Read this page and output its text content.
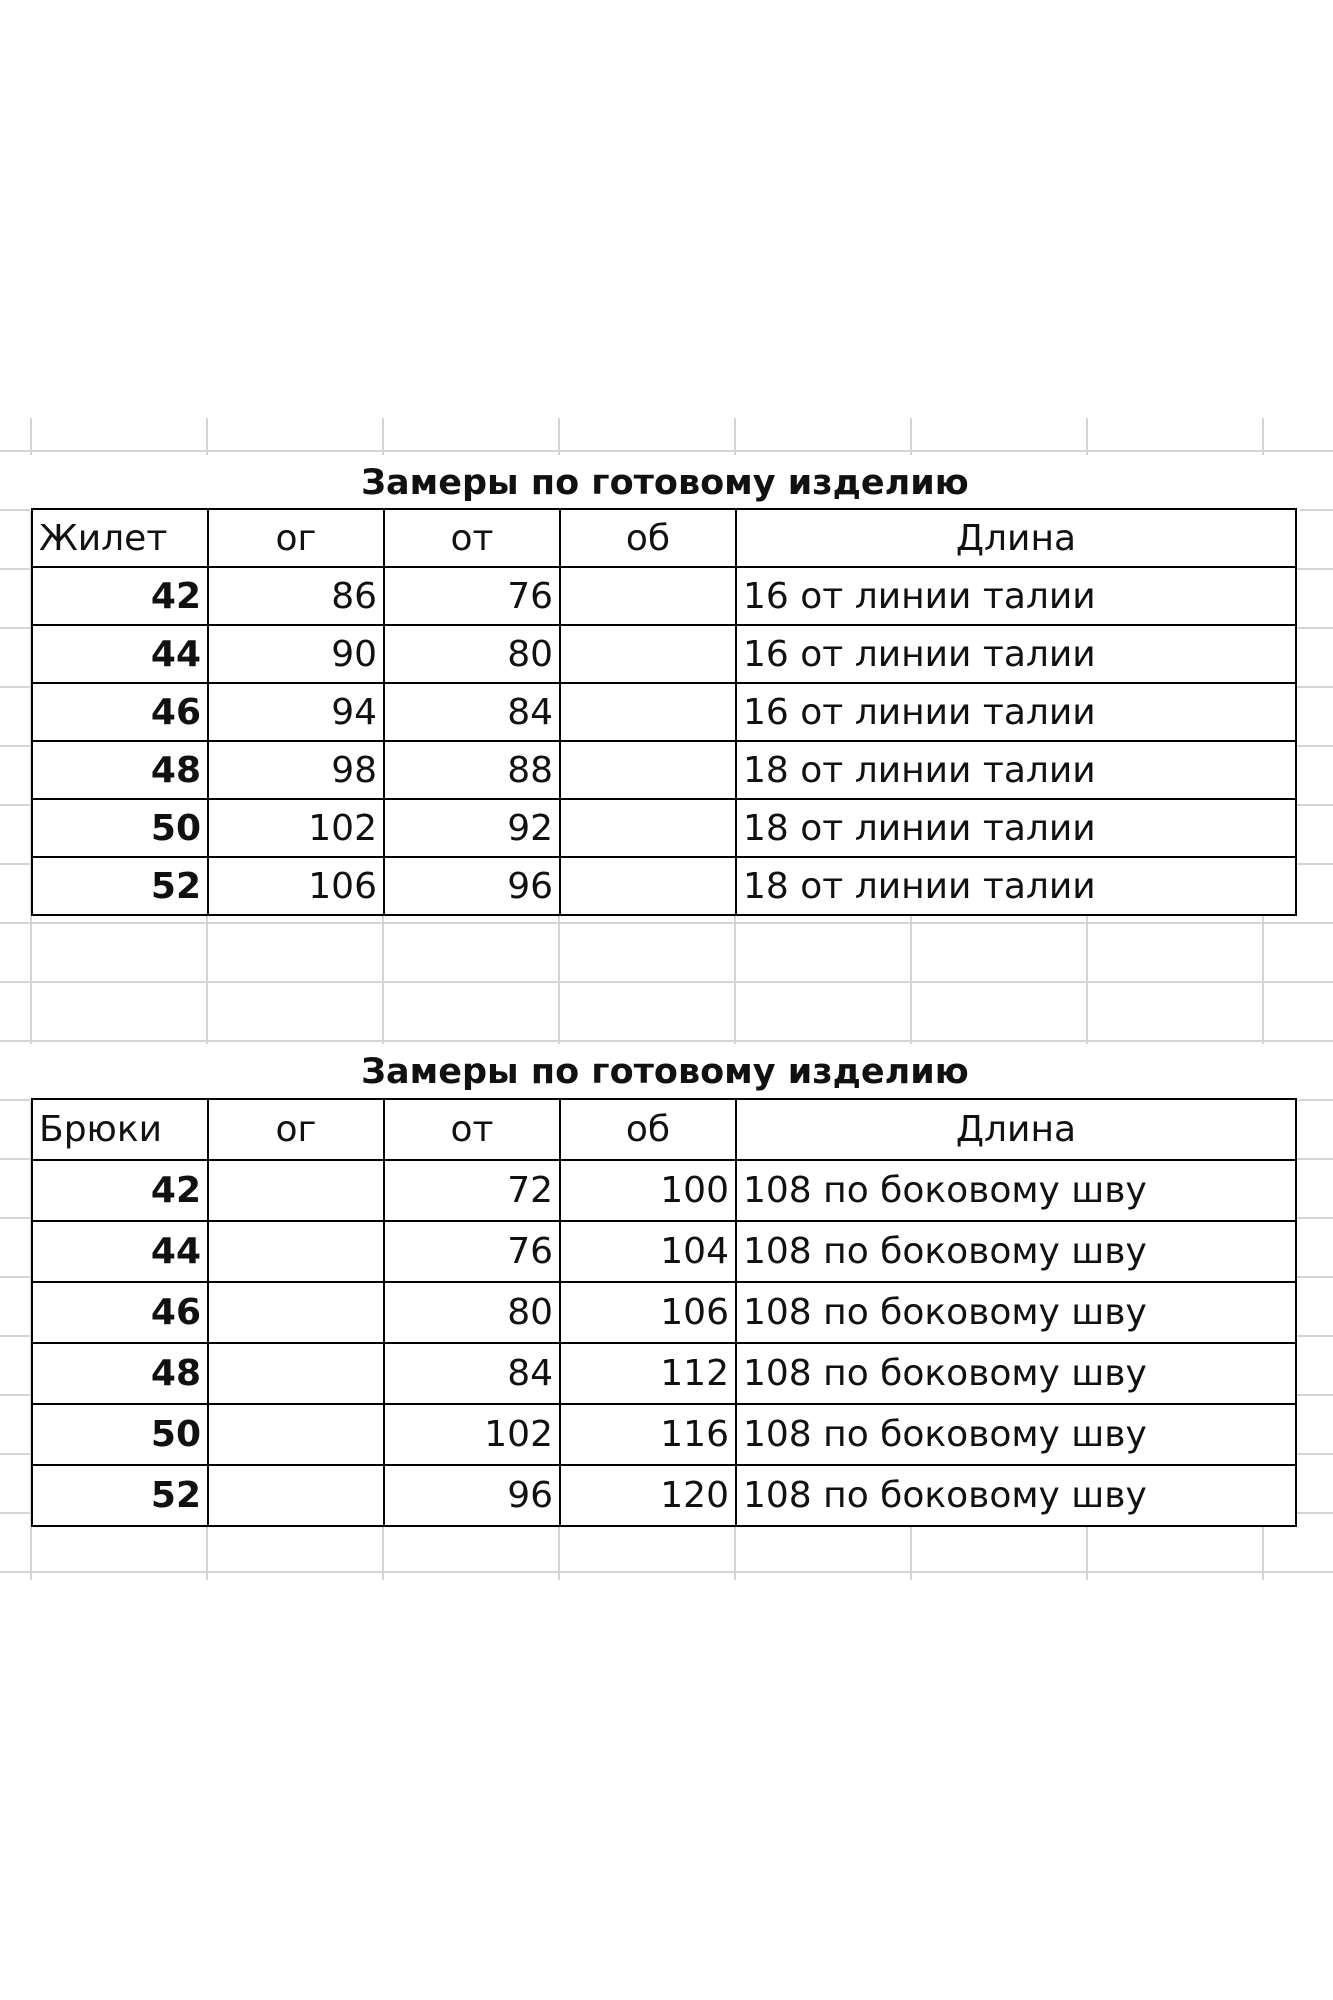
Замеры по готовому изделию
Жилет	ог	от	об	Длина
42	86	76		16 от линии талии
44	90	80		16 от линии талии
46	94	84		16 от линии талии
48	98	88		18 от линии талии
50	102	92		18 от линии талии
52	106	96		18 от линии талии
Замеры по готовому изделию
Брюки	ог	от	об	Длина
42		72	100	108 по боковому шву
44		76	104	108 по боковому шву
46		80	106	108 по боковому шву
48		84	112	108 по боковому шву
50		102	116	108 по боковому шву
52		96	120	108 по боковому шву
